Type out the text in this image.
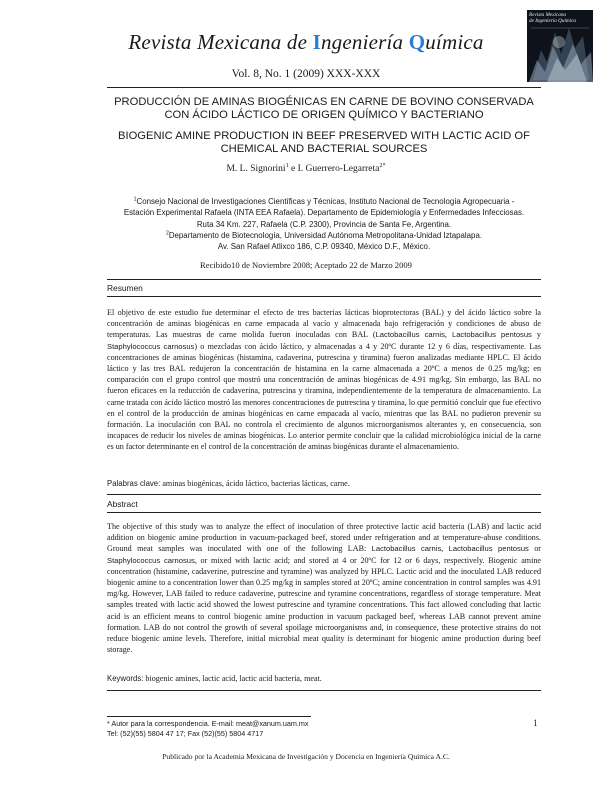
Revista Mexicana de Ingeniería Química
Revista Mexicana
de Ingeniería Química
Vol. 8, No. 1 (2009) XXX-XXX
PRODUCCIÓN DE AMINAS BIOGÉNICAS EN CARNE DE BOVINO CONSERVADA
CON ÁCIDO LÁCTICO DE ORIGEN QUÍMICO Y BACTERIANO
BIOGENIC AMINE PRODUCTION IN BEEF PRESERVED WITH LACTIC ACID OF
CHEMICAL AND BACTERIAL SOURCES
M. L. Signorini$^1$ e I. Guerrero-Legarreta$^{2*}$
$^1$Consejo Nacional de Investigaciones Científicas y Técnicas, Instituto Nacional de Tecnología Agropecuaria -
Estación Experimental Rafaela (INTA EEA Rafaela). Departamento de Epidemiología y Enfermedades Infecciosas.
Ruta 34 Km. 227, Rafaela (C.P. 2300), Provincia de Santa Fe, Argentina.
$^2$Departamento de Biotecnología, Universidad Autónoma Metropolitana-Unidad Iztapalapa.
Av. San Rafael Atlixco 186, C.P. 09340, México D.F., México.
Recibido10 de Noviembre 2008; Aceptado 22 de Marzo 2009
Resumen
El objetivo de este estudio fue determinar el efecto de tres bacterias lácticas bioprotectoras (BAL) y del ácido láctico sobre la concentración de aminas biogénicas en carne empacada al vacío y almacenada bajo refrigeración y condiciones de abuso de temperaturas. Las muestras de carne molida fueron inoculadas con BAL (Lactobacillus carnis, Lactobacillus pentosus y Staphylococcus carnosus) o mezcladas con ácido láctico, y almacenadas a 4 y 20ºC durante 12 y 6 días, respectivamente. Las concentraciones de aminas biogénicas (histamina, cadaverina, putrescina y tiramina) fueron analizadas mediante HPLC. El ácido láctico y las tres BAL redujeron la concentración de histamina en la carne almacenada a 20ºC a menos de 0.25 mg/kg; en comparación con el grupo control que mostró una concentración de aminas biogénicas de 4.91 mg/kg. Sin embargo, las BAL no fueron eficaces en la reducción de cadaverina, putrescina y tiramina, independientemente de la temperatura de almacenamiento. La carne tratada con ácido láctico mostró las menores concentraciones de putrescina y tiramina, lo que permitió concluir que fue efectivo en el control de la producción de aminas biogénicas en carne empacada al vacío, mientras que las BAL no pudieron prevenir su formación. La inoculación con BAL no controla el crecimiento de algunos microorganismos alterantes y, en consecuencia, son incapaces de reducir los niveles de aminas biogénicas. Lo anterior permite concluir que la calidad microbiológica inicial de la carne es un factor determinante en el control de la concentración de aminas biogénicas durante el almacenamiento.
Palabras clave: aminas biogénicas, ácido láctico, bacterias lácticas, carne.
Abstract
The objective of this study was to analyze the effect of inoculation of three protective lactic acid bacteria (LAB) and lactic acid addition on biogenic amine production in vacuum-packaged beef, stored under refrigeration and at temperature-abuse conditions. Ground meat samples was inoculated with one of the following LAB: Lactobacillus carnis, Lactobacillus pentosus or Staphylococcus carnosus, or mixed with lactic acid; and stored at 4 or 20ºC for 12 or 6 days, respectively. Biogenic amine concentration (histamine, cadaverine, putrescine and tyramine) was analyzed by HPLC. Lactic acid and the inoculated LAB reduced biogenic amine to a concentration lower than 0.25 mg/kg in samples stored at 20ºC; amine concentration in control samples was 4.91 mg/kg. However, LAB failed to reduce cadaverine, putrescine and tyramine concentrations, regardless of storage temperature. Meat samples treated with lactic acid showed the lowest putrescine and tyramine concentrations. This fact allowed concluding that lactic acid is an efficient means to control biogenic amine production in vacuum packaged beef, whereas LAB cannot prevent amine formation. LAB do not control the growth of several spoilage microorganisms and, in consequence, these protective strains do not reduce biogenic amine levels. Therefore, initial microbial meat quality is determinant for biogenic amine production during beef storage.
Keywords: biogenic amines, lactic acid, lactic acid bacteria, meat.
* Autor para la correspondencia. E-mail: meat@xanum.uam.mx
Tel: (52)(55) 5804 47 17; Fax (52)(55) 5804 4717
1
Publicado por la Academia Mexicana de Investigación y Docencia en Ingeniería Química A.C.
